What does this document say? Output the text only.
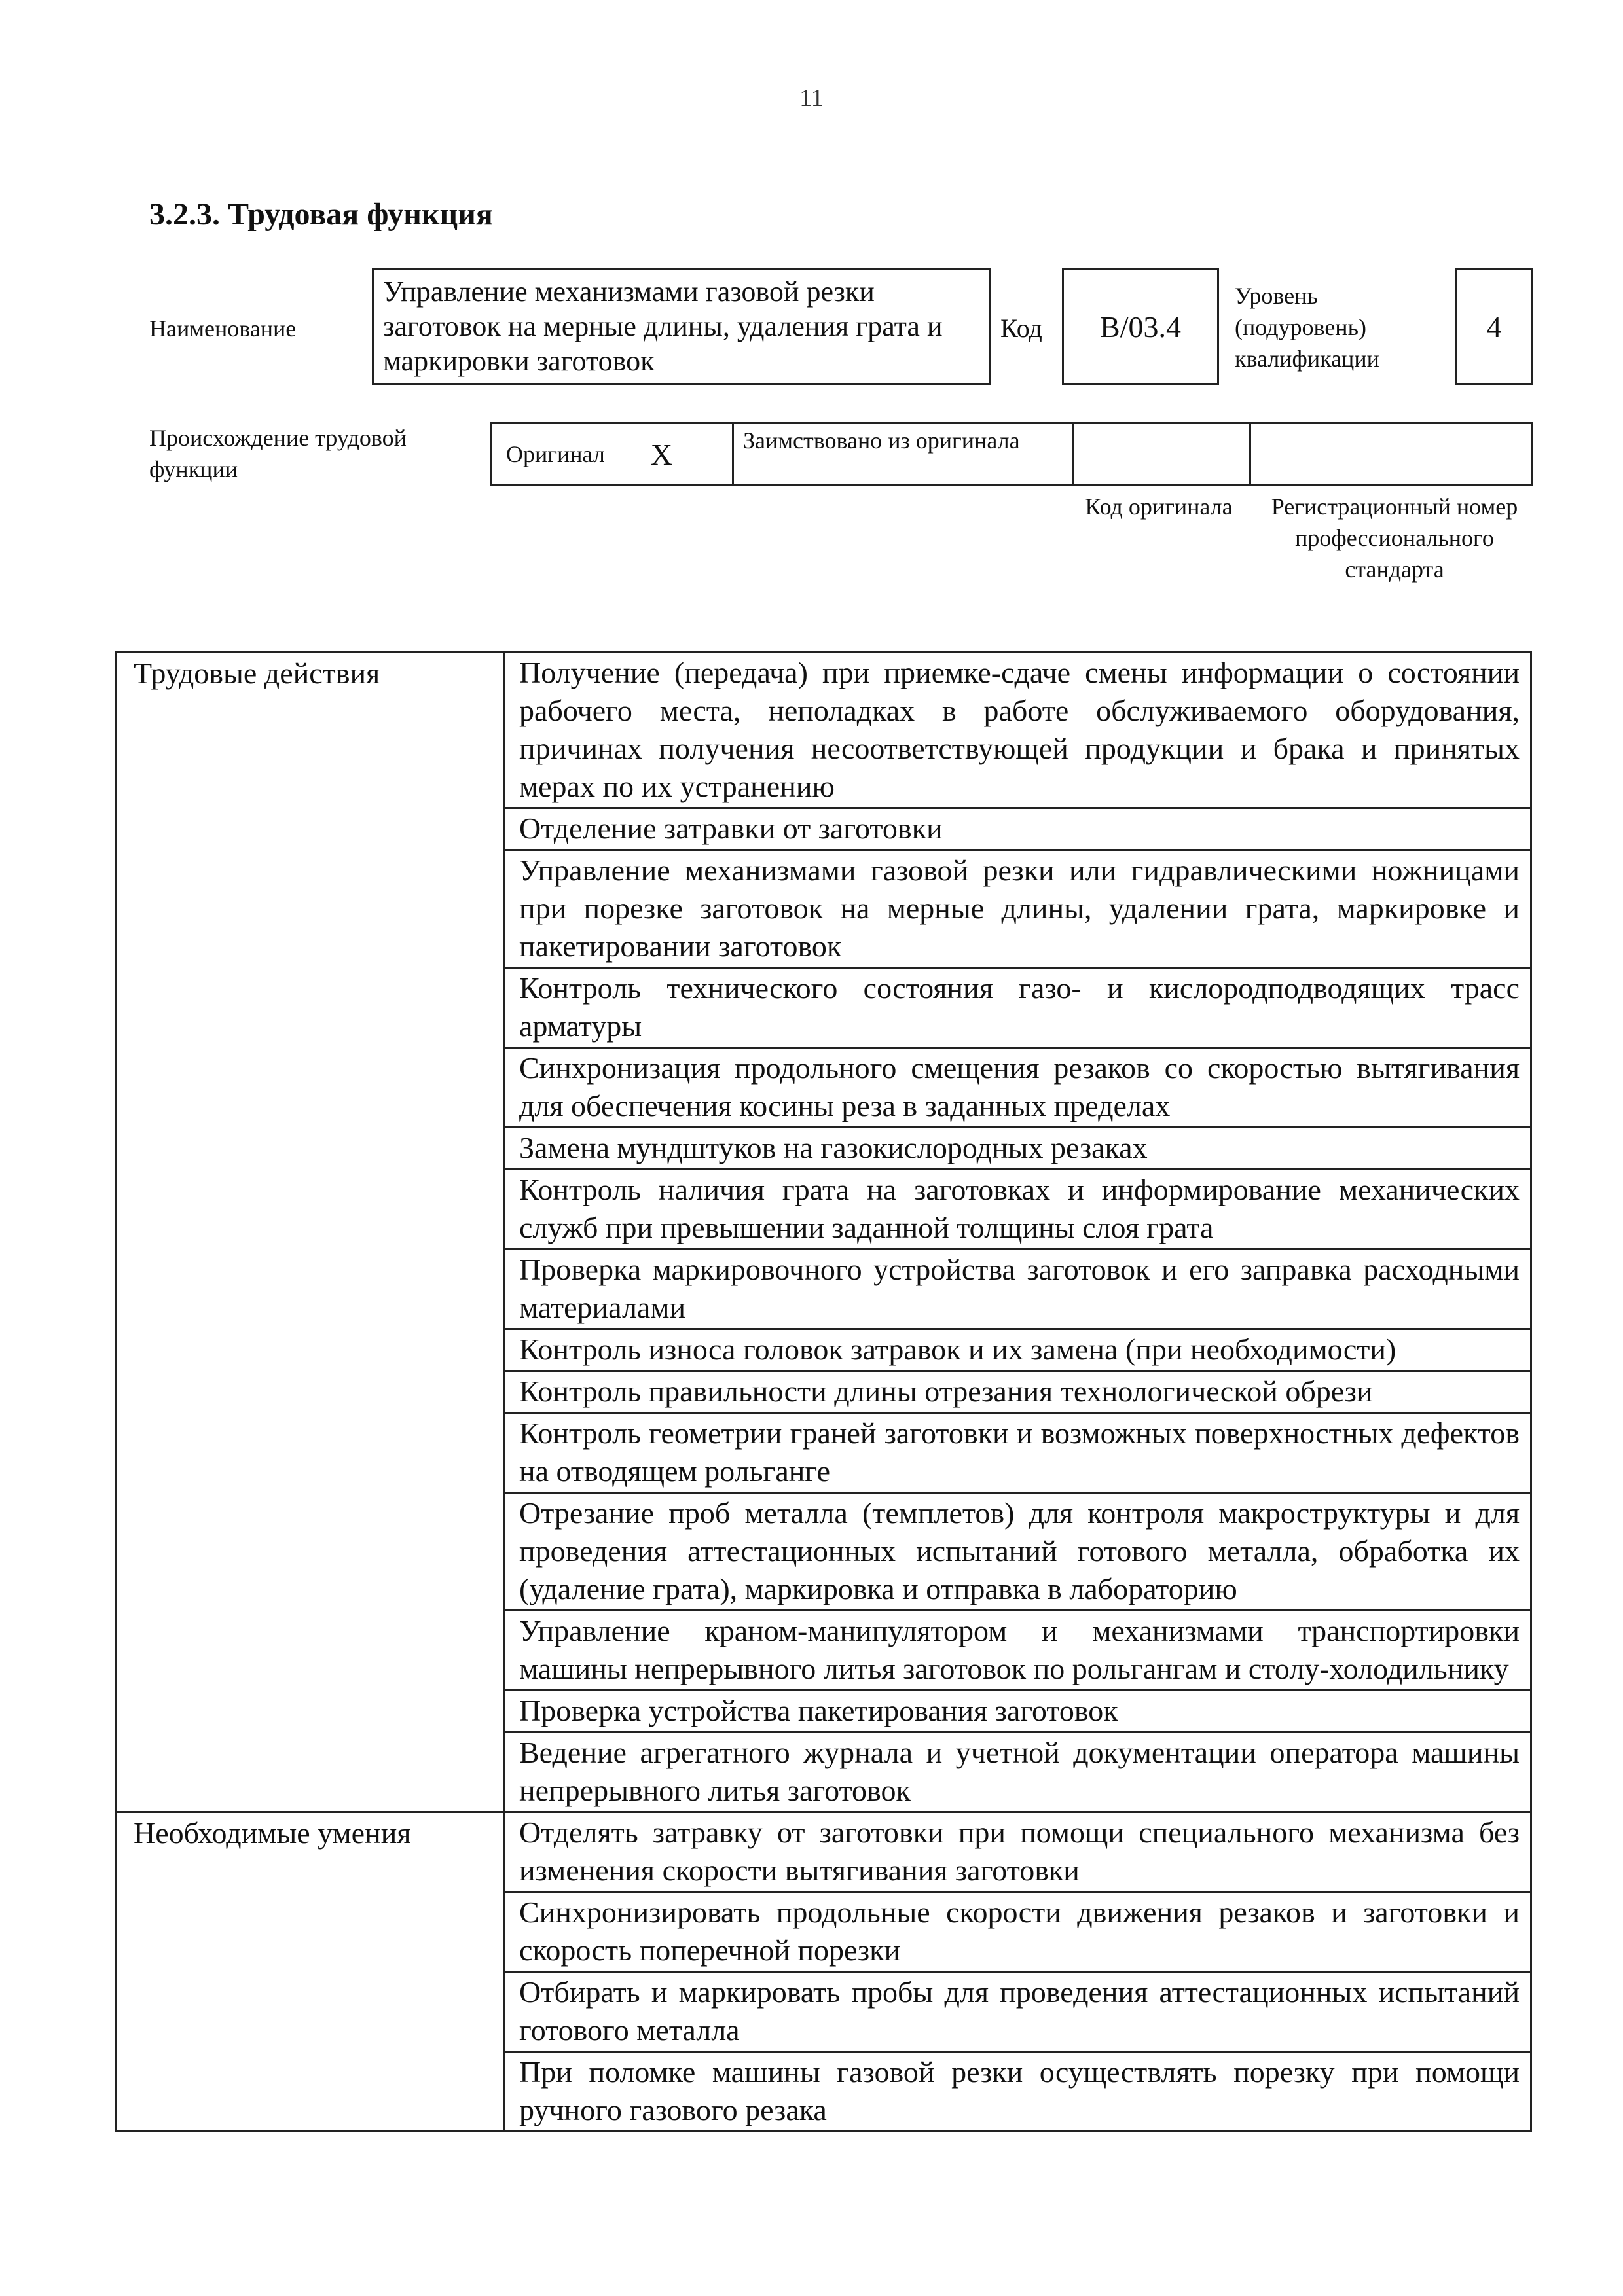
11
3.2.3. Трудовая функция
Наименование
Управление механизмами газовой резки заготовок на мерные длины, удаления грата и маркировки заготовок
Код B/03.4
Уровень (подуровень) квалификации
4
Происхождение трудовой функции
Оригинал X	Заимствовано из оригинала
Код оригинала	Регистрационный номер профессионального стандарта
Трудовые действия	Получение (передача) при приемке-сдаче смены информации о состоянии рабочего места, неполадках в работе обслуживаемого оборудования, причинах получения несоответствующей продукции и брака и принятых мерах по их устранению
	Отделение затравки от заготовки
	Управление механизмами газовой резки или гидравлическими ножницами при порезке заготовок на мерные длины, удалении грата, маркировке и пакетировании заготовок
	Контроль технического состояния газо- и кислородподводящих трасс арматуры
	Синхронизация продольного смещения резаков со скоростью вытягивания для обеспечения косины реза в заданных пределах
	Замена мундштуков на газокислородных резаках
	Контроль наличия грата на заготовках и информирование механических служб при превышении заданной толщины слоя грата
	Проверка маркировочного устройства заготовок и его заправка расходными материалами
	Контроль износа головок затравок и их замена (при необходимости)
	Контроль правильности длины отрезания технологической обрези
	Контроль геометрии граней заготовки и возможных поверхностных дефектов на отводящем рольганге
	Отрезание проб металла (темплетов) для контроля макроструктуры и для проведения аттестационных испытаний готового металла, обработка их (удаление грата), маркировка и отправка в лабораторию
	Управление краном-манипулятором и механизмами транспортировки машины непрерывного литья заготовок по рольгангам и столу-холодильнику
	Проверка устройства пакетирования заготовок
	Ведение агрегатного журнала и учетной документации оператора машины непрерывного литья заготовок
Необходимые умения	Отделять затравку от заготовки при помощи специального механизма без изменения скорости вытягивания заготовки
	Синхронизировать продольные скорости движения резаков и заготовки и скорость поперечной порезки
	Отбирать и маркировать пробы для проведения аттестационных испытаний готового металла
	При поломке машины газовой резки осуществлять порезку при помощи ручного газового резака
